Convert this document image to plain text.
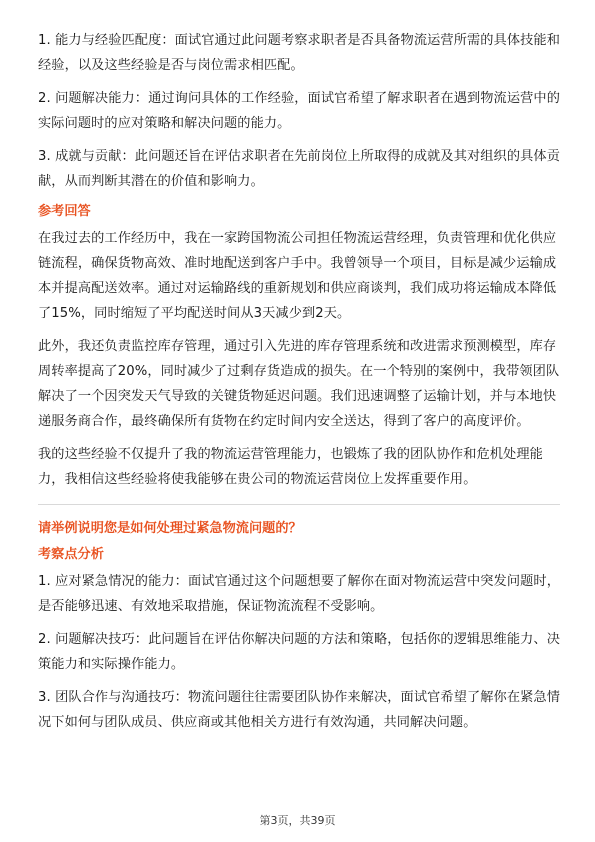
1. 能力与经验匹配度：面试官通过此问题考察求职者是否具备物流运营所需的具体技能和经验，以及这些经验是否与岗位需求相匹配。

2. 问题解决能力：通过询问具体的工作经验，面试官希望了解求职者在遇到物流运营中的实际问题时的应对策略和解决问题的能力。

3. 成就与贡献：此问题还旨在评估求职者在先前岗位上所取得的成就及其对组织的具体贡献，从而判断其潜在的价值和影响力。

参考回答

在我过去的工作经历中，我在一家跨国物流公司担任物流运营经理，负责管理和优化供应链流程，确保货物高效、准时地配送到客户手中。我曾领导一个项目，目标是减少运输成本并提高配送效率。通过对运输路线的重新规划和供应商谈判，我们成功将运输成本降低了15%，同时缩短了平均配送时间从3天减少到2天。

此外，我还负责监控库存管理，通过引入先进的库存管理系统和改进需求预测模型，库存周转率提高了20%，同时减少了过剩存货造成的损失。在一个特别的案例中，我带领团队解决了一个因突发天气导致的关键货物延迟问题。我们迅速调整了运输计划，并与本地快递服务商合作，最终确保所有货物在约定时间内安全送达，得到了客户的高度评价。

我的这些经验不仅提升了我的物流运营管理能力，也锻炼了我的团队协作和危机处理能力，我相信这些经验将使我能够在贵公司的物流运营岗位上发挥重要作用。

请举例说明您是如何处理过紧急物流问题的？
考察点分析

1. 应对紧急情况的能力：面试官通过这个问题想要了解你在面对物流运营中突发问题时，是否能够迅速、有效地采取措施，保证物流流程不受影响。

2. 问题解决技巧：此问题旨在评估你解决问题的方法和策略，包括你的逻辑思维能力、决策能力和实际操作能力。

3. 团队合作与沟通技巧：物流问题往往需要团队协作来解决，面试官希望了解你在紧急情况下如何与团队成员、供应商或其他相关方进行有效沟通，共同解决问题。

第3页，共39页
